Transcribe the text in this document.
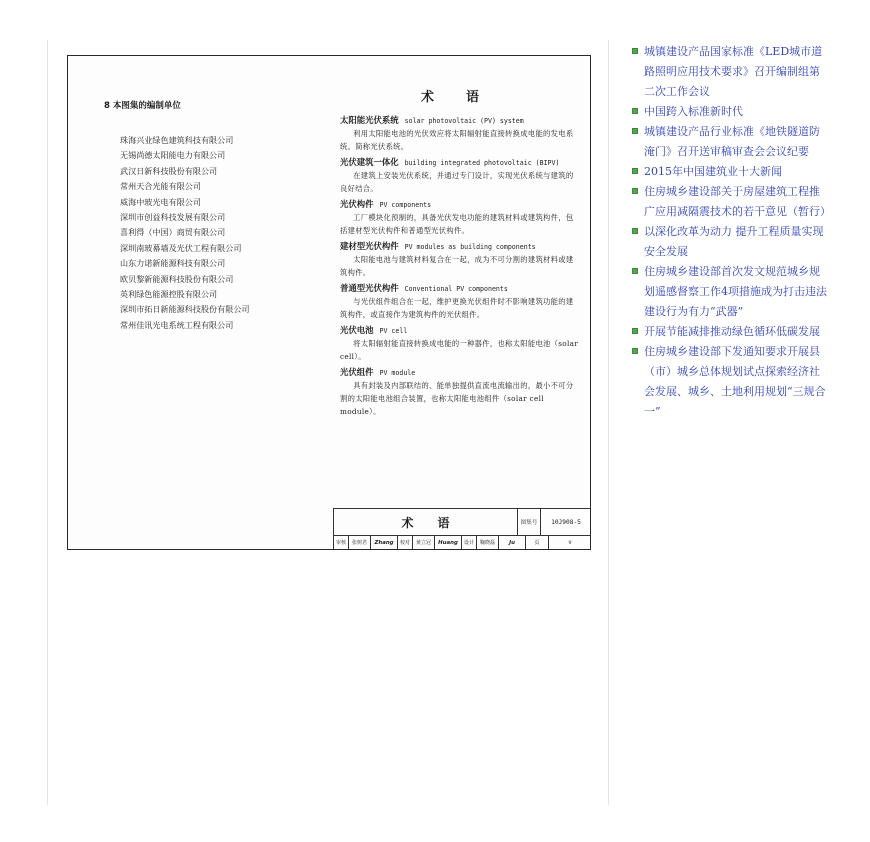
8 本图集的编制单位
珠海兴业绿色建筑科技有限公司
无锡尚德太阳能电力有限公司
武汉日新科技股份有限公司
常州天合光能有限公司
威海中玻光电有限公司
深圳市创益科技发展有限公司
喜利得（中国）商贸有限公司
深圳南玻幕墙及光伏工程有限公司
山东力诺新能源科技有限公司
欧贝黎新能源科技股份有限公司
英利绿色能源控股有限公司
深圳市拓日新能源科技股份有限公司
常州佳讯光电系统工程有限公司
术语
太阳能光伏系统 solar photovoltaic (PV) system

利用太阳能电池的光伏效应将太阳辐射能直接转换成电能的发电系统。简称光伏系统。

光伏建筑一体化 building integrated photovoltaic (BIPV)

在建筑上安装光伏系统，并通过专门设计，实现光伏系统与建筑的良好结合。

光伏构件 PV components

工厂模块化预制的，具备光伏发电功能的建筑材料或建筑构件，包括建材型光伏构件和普通型光伏构件。

建材型光伏构件 PV modules as building components

太阳能电池与建筑材料复合在一起，成为不可分割的建筑材料或建筑构件。

普通型光伏构件 Conventional PV components

与光伏组件组合在一起，维护更换光伏组件时不影响建筑功能的建筑构件，或直接作为建筑构件的光伏组件。

光伏电池 PV cell

将太阳辐射能直接转换成电能的一种器件，也称太阳能电池（solar cell）。

光伏组件 PV module

具有封装及内部联结的、能单独提供直流电流输出的，最小不可分割的太阳能电池组合装置，也称太阳能电池组件（solar cell module）。

术语	图集号	10J908-5
审核	张树君	Zhang	校对	黄立冠	Huang	设计	鞠晓磊	Ju	页	9
城镇建设产品国家标准《LED城市道路照明应用技术要求》召开编制组第二次工作会议
中国跨入标准新时代
城镇建设产品行业标准《地铁隧道防淹门》召开送审稿审查会会议纪要
2015年中国建筑业十大新闻
住房城乡建设部关于房屋建筑工程推广应用减隔震技术的若干意见（暂行）
以深化改革为动力 提升工程质量实现安全发展
住房城乡建设部首次发文规范城乡规划遥感督察工作4项措施成为打击违法建设行为有力“武器”
开展节能减排推动绿色循环低碳发展
住房城乡建设部下发通知要求开展县（市）城乡总体规划试点探索经济社会发展、城乡、土地利用规划“三规合一”
